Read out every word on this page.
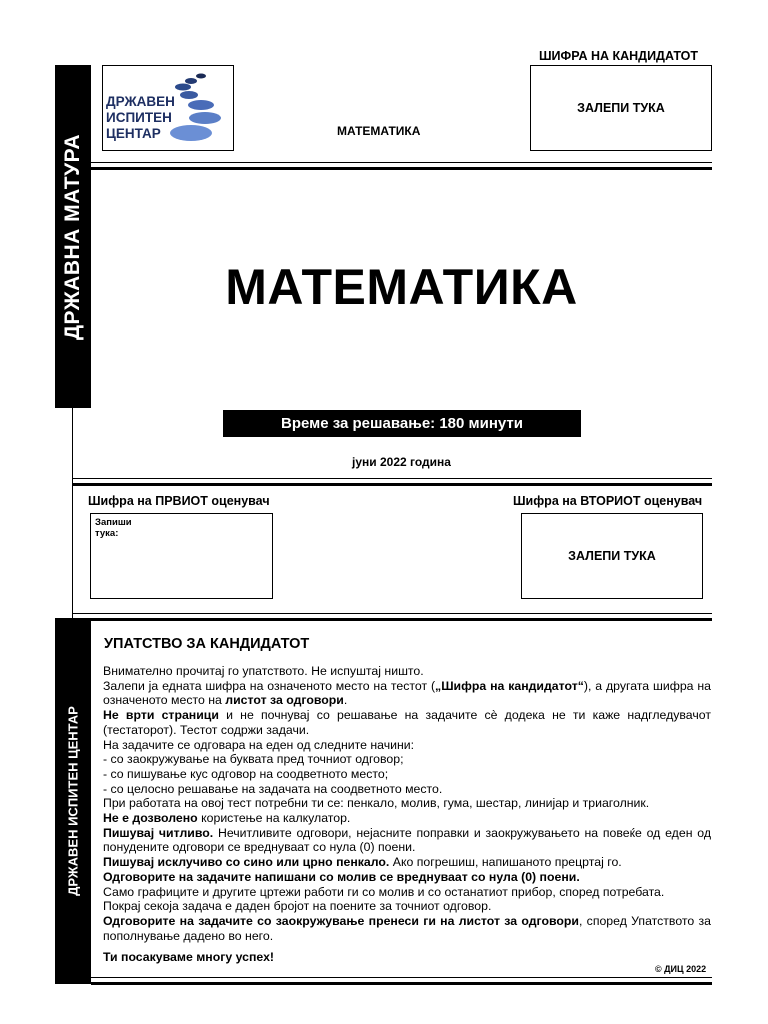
ДРЖАВНА МАТУРА
ДРЖАВЕН ИСПИТЕН ЦЕНТАР
ДРЖАВЕН
ИСПИТЕН
ЦЕНТАР	МАТЕМАТИКА
ШИФРА НА КАНДИДАТОТ
ЗАЛЕПИ ТУКА
МАТЕМАТИКА
Време за решавање: 180 минути
јуни 2022 година
Шифра на ПРВИОТ оценувач
Запиши
тука:
Шифра на ВТОРИОТ оценувач
ЗАЛЕПИ ТУКА
УПАТСТВО ЗА КАНДИДАТОТ

Внимателно прочитај го упатството. Не испуштај ништо.

Залепи ја едната шифра на означеното место на тестот („Шифра на кандидатот“), а другата шифра на означеното место на листот за одговори.

Не врти страници и не почнувај со решавање на задачите сѐ додека не ти каже надгледувачот (тестаторот). Тестот содржи задачи.

На задачите се одговара на еден од следните начини:

- со заокружување на буквата пред точниот одговор;

- со пишување кус одговор на соодветното место;

- со целосно решавање на задачата на соодветното место.

При работата на овој тест потребни ти се: пенкало, молив, гума, шестар, линијар и триаголник.

Не е дозволено користење на калкулатор.

Пишувај читливо. Нечитливите одговори, нејасните поправки и заокружувањето на повеќе од еден од понудените одговори се вреднуваат со нула (0) поени.

Пишувај исклучиво со сино или црно пенкало. Ако погрешиш, напишаното прецртај го.

Одговорите на задачите напишани со молив се вреднуваат со нула (0) поени.

Само графиците и другите цртежи работи ги со молив и со останатиот прибор, според потребата.

Покрај секоја задача е даден бројот на поените за точниот одговор.

Одговорите на задачите со заокружување пренеси ги на листот за одговори, според Упатството за пополнување дадено во него.

Ти посакуваме многу успех!
© ДИЦ 2022
